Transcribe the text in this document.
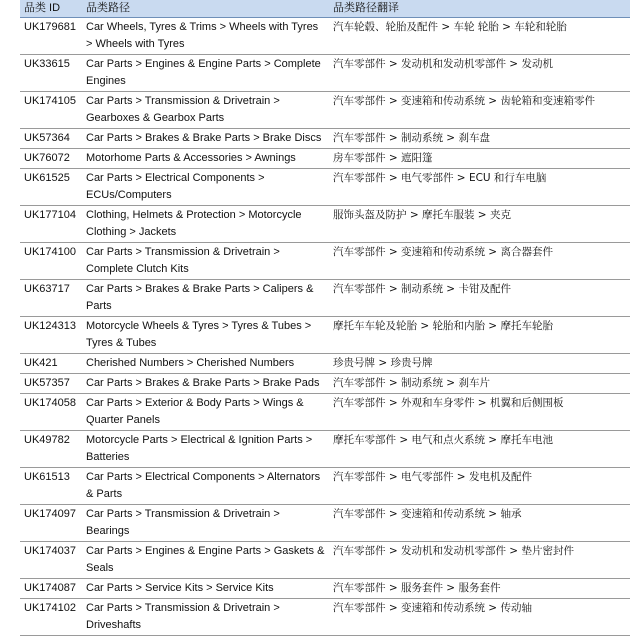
品类 ID	品类路径	品类路径翻译
UK179681	Car Wheels, Tyres & Trims > Wheels with Tyres > Wheels with Tyres	汽车轮毂、轮胎及配件 > 车轮 轮胎 > 车轮和轮胎
UK33615	Car Parts > Engines & Engine Parts > Complete Engines	汽车零部件 > 发动机和发动机零部件 > 发动机
UK174105	Car Parts > Transmission & Drivetrain > Gearboxes & Gearbox Parts	汽车零部件 > 变速箱和传动系统 > 齿轮箱和变速箱零件
UK57364	Car Parts > Brakes & Brake Parts > Brake Discs	汽车零部件 > 制动系统 > 刹车盘
UK76072	Motorhome Parts & Accessories > Awnings	房车零部件 > 遮阳篷
UK61525	Car Parts > Electrical Components > ECUs/Computers	汽车零部件 > 电气零部件 > ECU 和行车电脑
UK177104	Clothing, Helmets & Protection > Motorcycle Clothing > Jackets	服饰头盔及防护 > 摩托车服装 > 夹克
UK174100	Car Parts > Transmission & Drivetrain > Complete Clutch Kits	汽车零部件 > 变速箱和传动系统 > 离合器套件
UK63717	Car Parts > Brakes & Brake Parts > Calipers & Parts	汽车零部件 > 制动系统 > 卡钳及配件
UK124313	Motorcycle Wheels & Tyres > Tyres & Tubes > Tyres & Tubes	摩托车车轮及轮胎 > 轮胎和内胎 > 摩托车轮胎
UK421	Cherished Numbers > Cherished Numbers	珍贵号牌 > 珍贵号牌
UK57357	Car Parts > Brakes & Brake Parts > Brake Pads	汽车零部件 > 制动系统 > 刹车片
UK174058	Car Parts > Exterior & Body Parts > Wings & Quarter Panels	汽车零部件 > 外观和车身零件 > 机翼和后侧围板
UK49782	Motorcycle Parts > Electrical & Ignition Parts > Batteries	摩托车零部件 > 电气和点火系统 > 摩托车电池
UK61513	Car Parts > Electrical Components > Alternators & Parts	汽车零部件 > 电气零部件 > 发电机及配件
UK174097	Car Parts > Transmission & Drivetrain > Bearings	汽车零部件 > 变速箱和传动系统 > 轴承
UK174037	Car Parts > Engines & Engine Parts > Gaskets & Seals	汽车零部件 > 发动机和发动机零部件 > 垫片密封件
UK174087	Car Parts > Service Kits > Service Kits	汽车零部件 > 服务套件 > 服务套件
UK174102	Car Parts > Transmission & Drivetrain > Driveshafts	汽车零部件 > 变速箱和传动系统 > 传动轴
